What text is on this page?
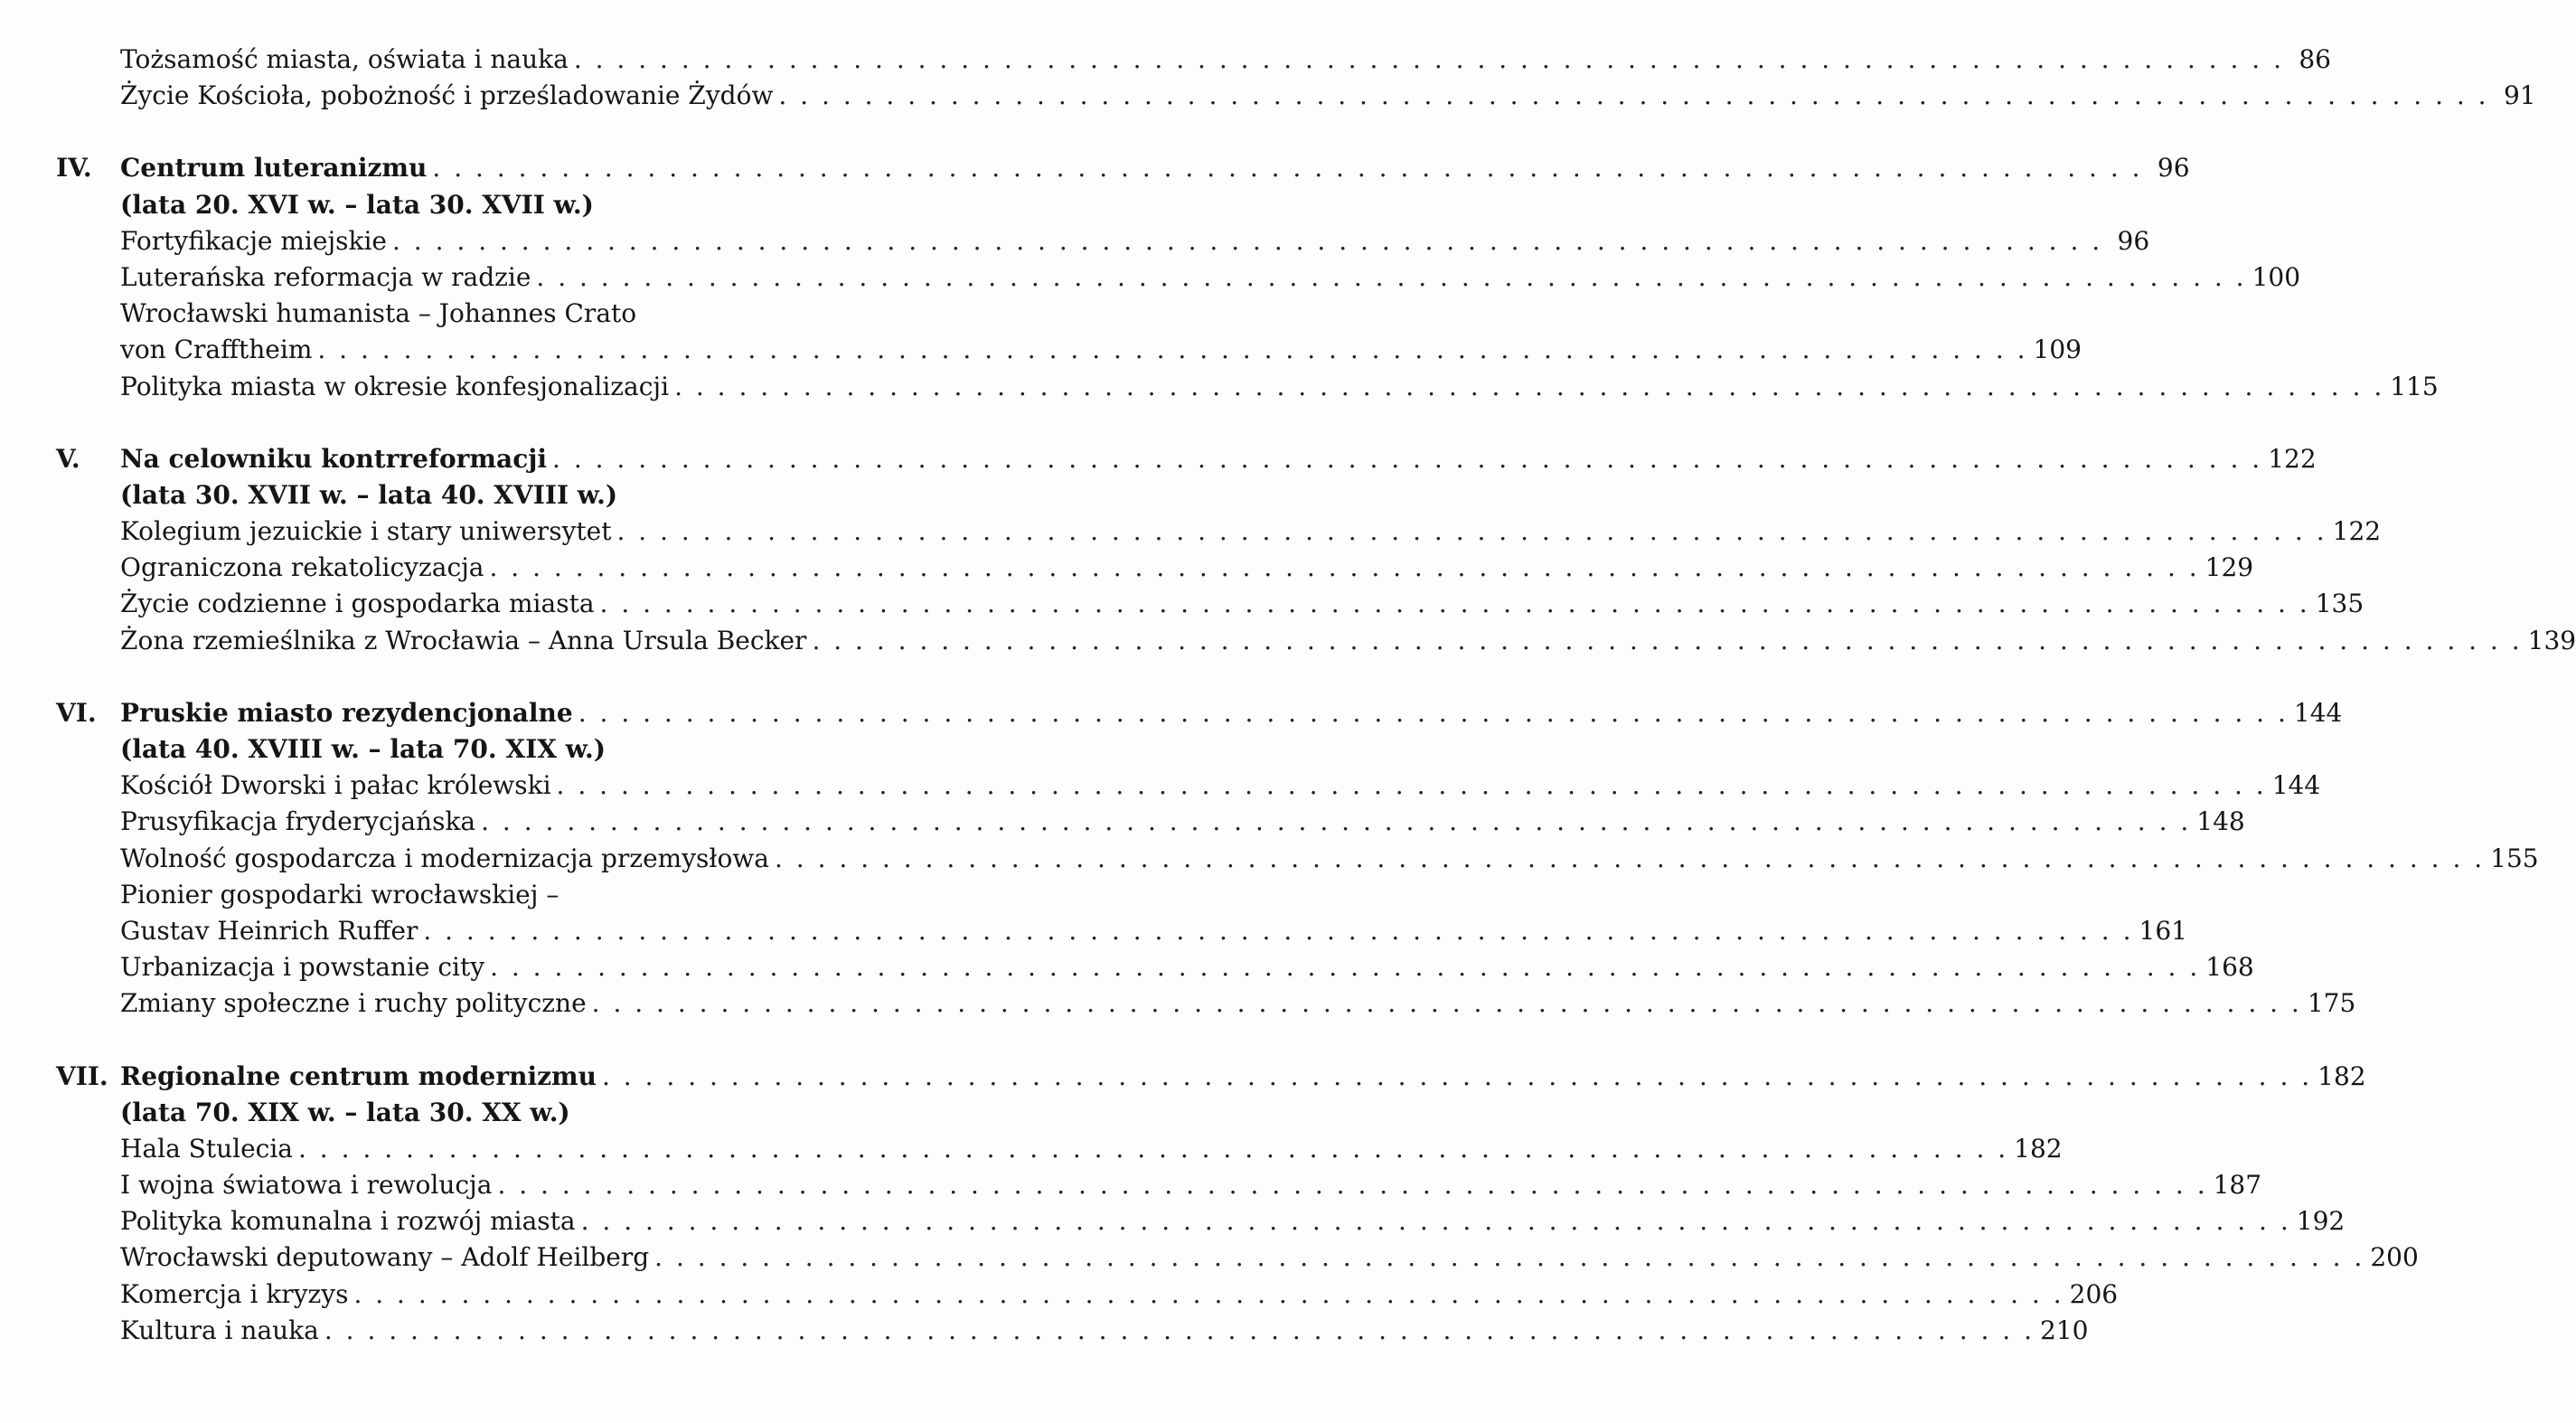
Tożsamość miasta, oświata i nauka . . . . . . . . . . . . . . . . . . . . . . . . . . . . . . . . . . . . . . . . . . . . . . . . . . . . . . . . . . . . . . . . . . . . . . . . . . . . . . . . 86
Życie Kościoła, pobożność i prześladowanie Żydów . . . . . . . . . . . . . . . . . . . . . . . . . . . . . . . . . . . . . . . . . . . . . . . . . . . . . . . . . . . . . . . . . . . . . . . . . . . . . . . . 91
IV.	Centrum luteranizmu . . . . . . . . . . . . . . . . . . . . . . . . . . . . . . . . . . . . . . . . . . . . . . . . . . . . . . . . . . . . . . . . . . . . . . . . . . . . . . . . 96
(lata 20. XVI w. – lata 30. XVII w.)
Fortyfikacje miejskie . . . . . . . . . . . . . . . . . . . . . . . . . . . . . . . . . . . . . . . . . . . . . . . . . . . . . . . . . . . . . . . . . . . . . . . . . . . . . . . . 96
Luterańska reformacja w radzie . . . . . . . . . . . . . . . . . . . . . . . . . . . . . . . . . . . . . . . . . . . . . . . . . . . . . . . . . . . . . . . . . . . . . . . . . . . . . . . . 100
Wrocławski humanista – Johannes Crato
von Crafftheim . . . . . . . . . . . . . . . . . . . . . . . . . . . . . . . . . . . . . . . . . . . . . . . . . . . . . . . . . . . . . . . . . . . . . . . . . . . . . . . . 109
Polityka miasta w okresie konfesjonalizacji . . . . . . . . . . . . . . . . . . . . . . . . . . . . . . . . . . . . . . . . . . . . . . . . . . . . . . . . . . . . . . . . . . . . . . . . . . . . . . . . 115
V.	Na celowniku kontrreformacji . . . . . . . . . . . . . . . . . . . . . . . . . . . . . . . . . . . . . . . . . . . . . . . . . . . . . . . . . . . . . . . . . . . . . . . . . . . . . . . . 122
(lata 30. XVII w. – lata 40. XVIII w.)
Kolegium jezuickie i stary uniwersytet . . . . . . . . . . . . . . . . . . . . . . . . . . . . . . . . . . . . . . . . . . . . . . . . . . . . . . . . . . . . . . . . . . . . . . . . . . . . . . . . 122
Ograniczona rekatolicyzacja . . . . . . . . . . . . . . . . . . . . . . . . . . . . . . . . . . . . . . . . . . . . . . . . . . . . . . . . . . . . . . . . . . . . . . . . . . . . . . . . 129
Życie codzienne i gospodarka miasta . . . . . . . . . . . . . . . . . . . . . . . . . . . . . . . . . . . . . . . . . . . . . . . . . . . . . . . . . . . . . . . . . . . . . . . . . . . . . . . . 135
Żona rzemieślnika z Wrocławia – Anna Ursula Becker . . . . . . . . . . . . . . . . . . . . . . . . . . . . . . . . . . . . . . . . . . . . . . . . . . . . . . . . . . . . . . . . . . . . . . . . . . . . . . . . 139
VI. Pruskie miasto rezydencjonalne . . . . . . . . . . . . . . . . . . . . . . . . . . . . . . . . . . . . . . . . . . . . . . . . . . . . . . . . . . . . . . . . . . . . . . . . . . . . . . . . 144
(lata 40. XVIII w. – lata 70. XIX w.)
Kościół Dworski i pałac królewski . . . . . . . . . . . . . . . . . . . . . . . . . . . . . . . . . . . . . . . . . . . . . . . . . . . . . . . . . . . . . . . . . . . . . . . . . . . . . . . . 144
Prusyfikacja fryderycjańska . . . . . . . . . . . . . . . . . . . . . . . . . . . . . . . . . . . . . . . . . . . . . . . . . . . . . . . . . . . . . . . . . . . . . . . . . . . . . . . . 148
Wolność gospodarcza i modernizacja przemysłowa . . . . . . . . . . . . . . . . . . . . . . . . . . . . . . . . . . . . . . . . . . . . . . . . . . . . . . . . . . . . . . . . . . . . . . . . . . . . . . . . 155
Pionier gospodarki wrocławskiej –
Gustav Heinrich Ruffer . . . . . . . . . . . . . . . . . . . . . . . . . . . . . . . . . . . . . . . . . . . . . . . . . . . . . . . . . . . . . . . . . . . . . . . . . . . . . . . . 161
Urbanizacja i powstanie city . . . . . . . . . . . . . . . . . . . . . . . . . . . . . . . . . . . . . . . . . . . . . . . . . . . . . . . . . . . . . . . . . . . . . . . . . . . . . . . . 168
Zmiany społeczne i ruchy polityczne . . . . . . . . . . . . . . . . . . . . . . . . . . . . . . . . . . . . . . . . . . . . . . . . . . . . . . . . . . . . . . . . . . . . . . . . . . . . . . . . 175
VII. Regionalne centrum modernizmu . . . . . . . . . . . . . . . . . . . . . . . . . . . . . . . . . . . . . . . . . . . . . . . . . . . . . . . . . . . . . . . . . . . . . . . . . . . . . . . . 182
(lata 70. XIX w. – lata 30. XX w.)
Hala Stulecia . . . . . . . . . . . . . . . . . . . . . . . . . . . . . . . . . . . . . . . . . . . . . . . . . . . . . . . . . . . . . . . . . . . . . . . . . . . . . . . . 182
I wojna światowa i rewolucja . . . . . . . . . . . . . . . . . . . . . . . . . . . . . . . . . . . . . . . . . . . . . . . . . . . . . . . . . . . . . . . . . . . . . . . . . . . . . . . . 187
Polityka komunalna i rozwój miasta . . . . . . . . . . . . . . . . . . . . . . . . . . . . . . . . . . . . . . . . . . . . . . . . . . . . . . . . . . . . . . . . . . . . . . . . . . . . . . . . 192
Wrocławski deputowany – Adolf Heilberg . . . . . . . . . . . . . . . . . . . . . . . . . . . . . . . . . . . . . . . . . . . . . . . . . . . . . . . . . . . . . . . . . . . . . . . . . . . . . . . . 200
Komercja i kryzys . . . . . . . . . . . . . . . . . . . . . . . . . . . . . . . . . . . . . . . . . . . . . . . . . . . . . . . . . . . . . . . . . . . . . . . . . . . . . . . . 206
Kultura i nauka . . . . . . . . . . . . . . . . . . . . . . . . . . . . . . . . . . . . . . . . . . . . . . . . . . . . . . . . . . . . . . . . . . . . . . . . . . . . . . . . 210
